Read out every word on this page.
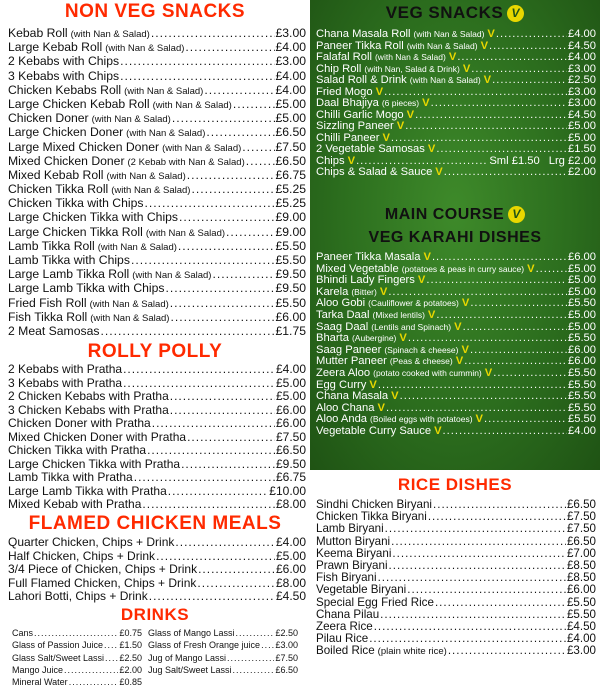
NON VEG SNACKS
Kebab Roll (with Nan & Salad) .....	£3.00
Large Kebab Roll (with Nan & Salad) .....	£4.00
2 Kebabs with Chips .....	£3.00
3 Kebabs with Chips .....	£4.00
Chicken Kebabs Roll (with Nan & Salad) .....	£4.00
Large Chicken Kebab Roll (with Nan & Salad) .....	£5.00
Chicken Doner (with Nan & Salad) .....	£5.00
Large Chicken Doner (with Nan & Salad) .....	£6.50
Large Mixed Chicken Doner (with Nan & Salad) .....	£7.50
Mixed Chicken Doner (2 Kebab with Nan & Salad) .....	£6.50
Mixed Kebab Roll (with Nan & Salad) .....	£6.75
Chicken Tikka Roll (with Nan & Salad) .....	£5.25
Chicken Tikka with Chips .....	£5.25
Large Chicken Tikka with Chips .....	£9.00
Large Chicken Tikka Roll (with Nan & Salad) .....	£9.00
Lamb Tikka Roll (with Nan & Salad) .....	£5.50
Lamb Tikka with Chips .....	£5.50
Large Lamb Tikka Roll (with Nan & Salad) .....	£9.50
Large Lamb Tikka with Chips .....	£9.50
Fried Fish Roll (with Nan & Salad) .....	£5.50
Fish Tikka Roll (with Nan & Salad) .....	£6.00
2 Meat Samosas .....	£1.75
ROLLY POLLY
2 Kebabs with Pratha .....	£4.00
3 Kebabs with Pratha .....	£5.00
2 Chicken Kebabs with Pratha .....	£5.00
3 Chicken Kebabs with Pratha .....	£6.00
Chicken Doner with Pratha .....	£6.00
Mixed Chicken Doner with Pratha .....	£7.50
Chicken Tikka with Pratha .....	£6.50
Large Chicken Tikka with Pratha .....	£9.50
Lamb Tikka with Pratha .....	£6.75
Large Lamb Tikka with Pratha .....	£10.00
Mixed Kebab with Pratha .....	£8.00
FLAMED CHICKEN MEALS
Quarter Chicken, Chips + Drink .....	£4.00
Half Chicken, Chips + Drink .....	£5.00
3/4 Piece of Chicken, Chips + Drink .....	£6.00
Full Flamed Chicken, Chips + Drink .....	£8.00
Lahori Botti, Chips + Drink .....	£4.50
DRINKS
Cans .....	£0.75
Glass of Passion Juice ..... £1.50
Glass Salt/Sweet Lassi ..... £2.50
Mango Juice .....	£2.00
Mineral Water .....	£0.85
Glass of Mango Lassi .....	£2.50
Glass of Fresh Orange juice ..... £3.00
Jug of Mango Lassi .....	£7.50
Jug Salt/Sweet Lassi .....	£6.50
VEG SNACKS V
Chana Masala Roll (with Nan & Salad) V .....	£4.00
Paneer Tikka Roll (with Nan & Salad) V .....	£4.50
Falafal Roll (with Nan & Salad) V .....	£4.00
Chip Roll (with Nan, Salad & Drink) V .....	£3.00
Salad Roll & Drink (with Nan & Salad) V .....	£2.50
Fried Mogo V .....	£3.00
Daal Bhajiya (6 pieces) V .....	£3.00
Chilli Garlic Mogo V .....	£4.50
Sizzling Paneer V .....	£5.00
Chilli Paneer V .....	£5.00
2 Vegetable Samosas V .....	£1.50
Chips V .....	Sml £1.50 Lrg £2.00
Chips & Salad & Sauce V .....	£2.00
MAIN COURSE V
VEG KARAHI DISHES
Paneer Tikka Masala V .....	£6.00
Mixed Vegetable (potatoes & peas in curry sauce) V .....	£5.00
Bhindi Lady Fingers V .....	£5.00
Karela (Bitter) V .....	£5.00
Aloo Gobi (Cauliflower & potatoes) V .....	£5.50
Tarka Daal (Mixed lentils) V .....	£5.00
Saag Daal (Lentils and Spinach) V .....	£5.00
Bharta (Aubergine) V .....	£5.50
Saag Paneer (Spinach & cheese) V .....	£6.00
Mutter Paneer (Peas & cheese) V .....	£6.00
Zeera Aloo (potato cooked with cummin) V .....	£5.50
Egg Curry V .....	£5.50
Chana Masala V .....	£5.50
Aloo Chana V .....	£5.50
Aloo Anda (Boiled eggs with potatoes) V .....	£5.50
Vegetable Curry Sauce V .....	£4.00
RICE DISHES
Sindhi Chicken Biryani .....	£6.50
Chicken Tikka Biryani .....	£7.50
Lamb Biryani .....	£7.50
Mutton Biryani .....	£6.50
Keema Biryani .....	£7.00
Prawn Biryani .....	£8.50
Fish Biryani .....	£8.50
Vegetable Biryani .....	£6.00
Special Egg Fried Rice .....	£5.50
Chana Pilau .....	£5.50
Zeera Rice .....	£4.50
Pilau Rice .....	£4.00
Boiled Rice (plain white rice) .....	£3.00
